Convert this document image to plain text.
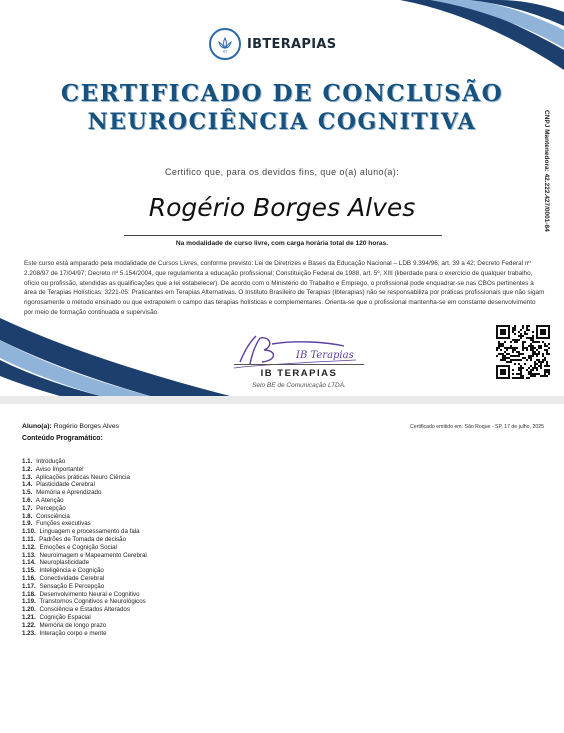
IBT IBTERAPIAS
CERTIFICADO DE CONCLUSÃO
NEUROCIÊNCIA COGNITIVA	CNPJ Mantenedora: 42.222.427/0001-84
Certifico que, para os devidos fins, que o(a) aluno(a):
Rogério Borges Alves
Na modalidade de curso livre, com carga horária total de 120 horas.
Este curso está amparado pela modalidade de Cursos Livres, conforme previsto: Lei de Diretrizes e Bases da Educação Nacional – LDB 9.394/96, art. 39 a 42; Decreto Federal nº 2.208/97 de 17/04/97; Decreto nº 5.154/2004, que regulamenta a educação profissional; Constituição Federal de 1988, art. 5º, XIII (liberdade para o exercício de qualquer trabalho, ofício ou profissão, atendidas as qualificações que a lei estabelecer). De acordo com o Ministério do Trabalho e Emprego, o profissional pode enquadrar-se nas CBOs pertinentes à área de Terapias Holísticas: 3221-05: Praticantes em Terapias Alternativas. O Instituto Brasileiro de Terapias (Ibterapias) não se responsabiliza por práticas profissionais que não sigam rigorosamente o método ensinado ou que extrapolem o campo das terapias holísticas e complementares. Orienta-se que o profissional mantenha-se em constante desenvolvimento por meio de formação continuada e supervisão.
IB Terapias
IB TERAPIAS
Selo BE de Comunicação LTDA.
Aluno(a): Rogério Borges Alves	Certificado emitido em: São Roque - SP, 17 de julho, 2025
Conteúdo Programático:
1.1. Introdução
1.2. Aviso Importante!
1.3. Aplicações práticas Neuro Ciência
1.4. Plasticidade Cerebral
1.5. Memória e Aprendizado
1.6. A Atenção
1.7. Percepção
1.8. Consciência
1.9. Funções executivas
1.10. Linguagem e processamento da fala
1.11. Padrões de Tomada de decisão
1.12. Emoções e Cognição Social
1.13. Neuroimagem e Mapeamento Cerebral
1.14. Neuroplasticidade
1.15. Inteligência e Cognição
1.16. Conectividade Cerebral
1.17. Sensação E Percepção
1.18. Desenvolvimento Neural e Cognitivo
1.19. Transtornos Cognitivos e Neurológicos
1.20. Consciência e Estados Alterados
1.21. Cognição Espacial
1.22. Memória de longo prazo
1.23. Interação corpo e mente
